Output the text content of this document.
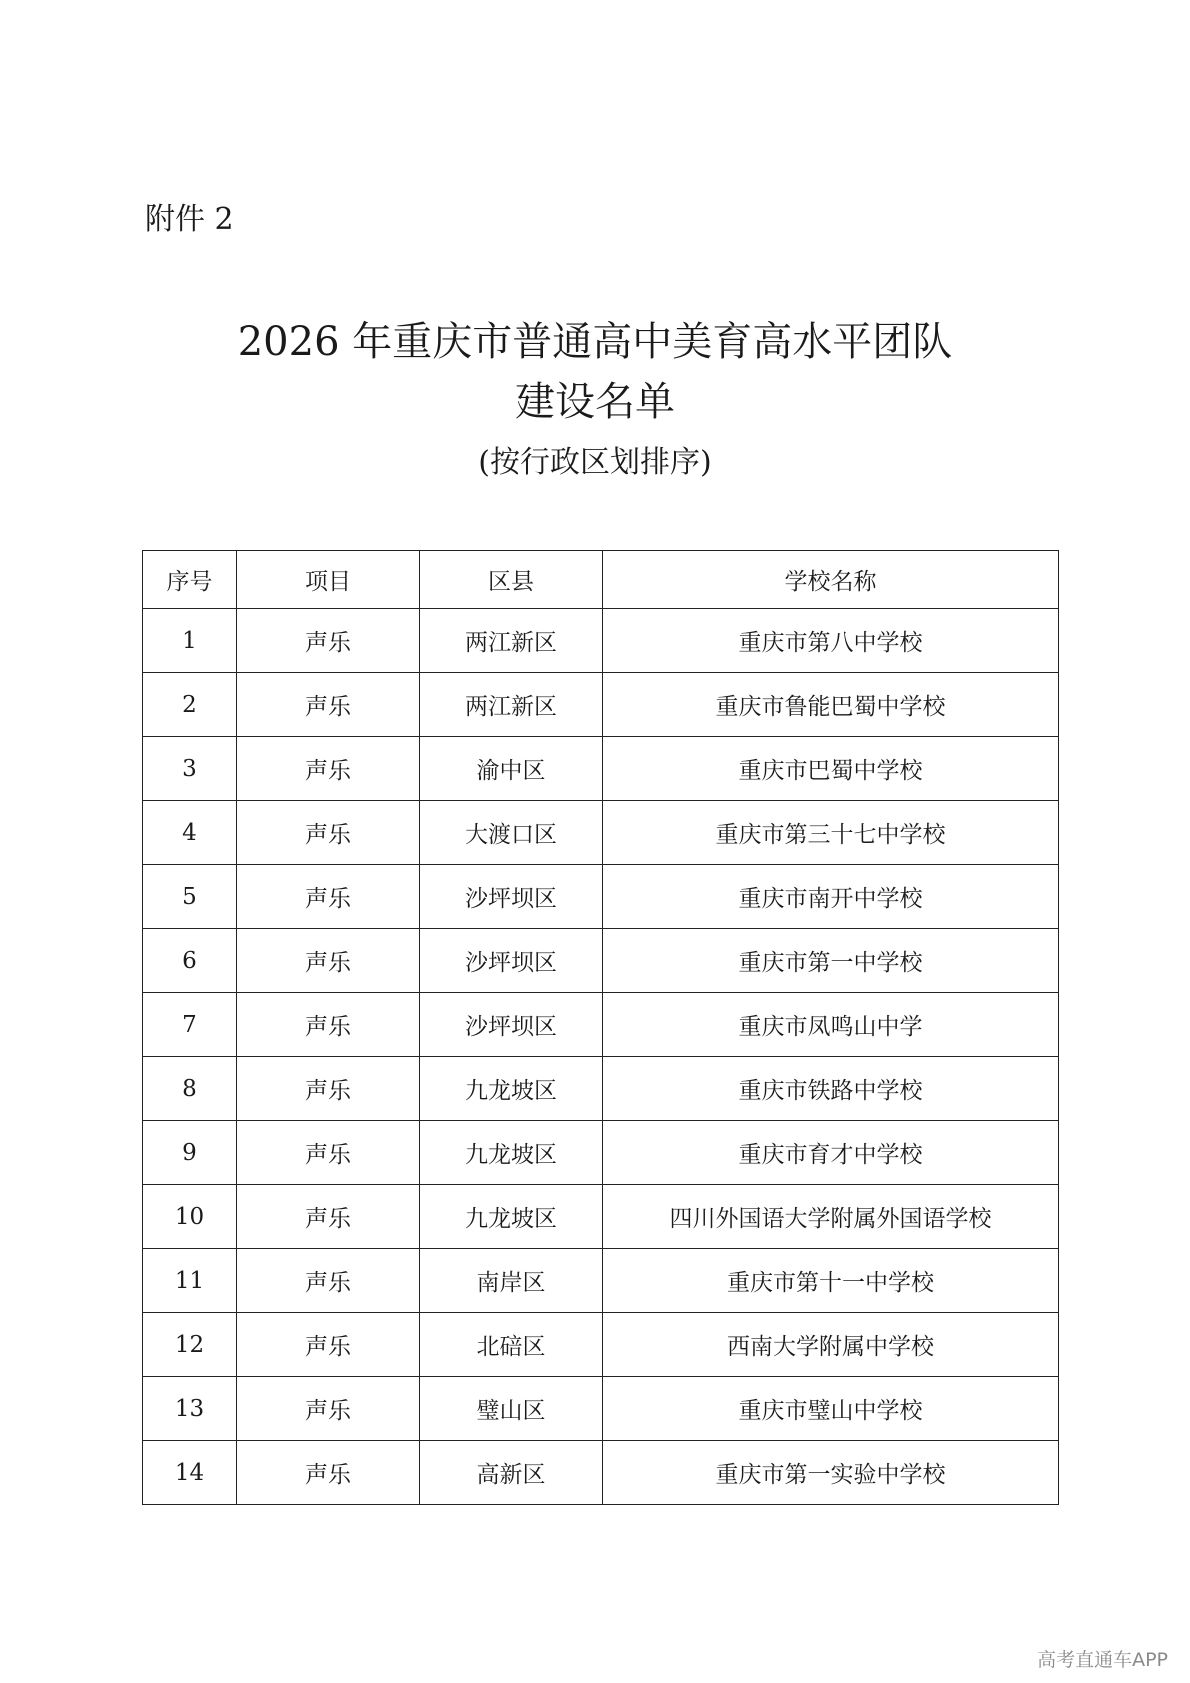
附件 2
2026 年重庆市普通高中美育高水平团队
建设名单
(按行政区划排序)
序号	项目	区县	学校名称
1	声乐	两江新区	重庆市第八中学校
2	声乐	两江新区	重庆市鲁能巴蜀中学校
3	声乐	渝中区	重庆市巴蜀中学校
4	声乐	大渡口区	重庆市第三十七中学校
5	声乐	沙坪坝区	重庆市南开中学校
6	声乐	沙坪坝区	重庆市第一中学校
7	声乐	沙坪坝区	重庆市凤鸣山中学
8	声乐	九龙坡区	重庆市铁路中学校
9	声乐	九龙坡区	重庆市育才中学校
10	声乐	九龙坡区	四川外国语大学附属外国语学校
11	声乐	南岸区	重庆市第十一中学校
12	声乐	北碚区	西南大学附属中学校
13	声乐	璧山区	重庆市璧山中学校
14	声乐	高新区	重庆市第一实验中学校
高考直通车APP
